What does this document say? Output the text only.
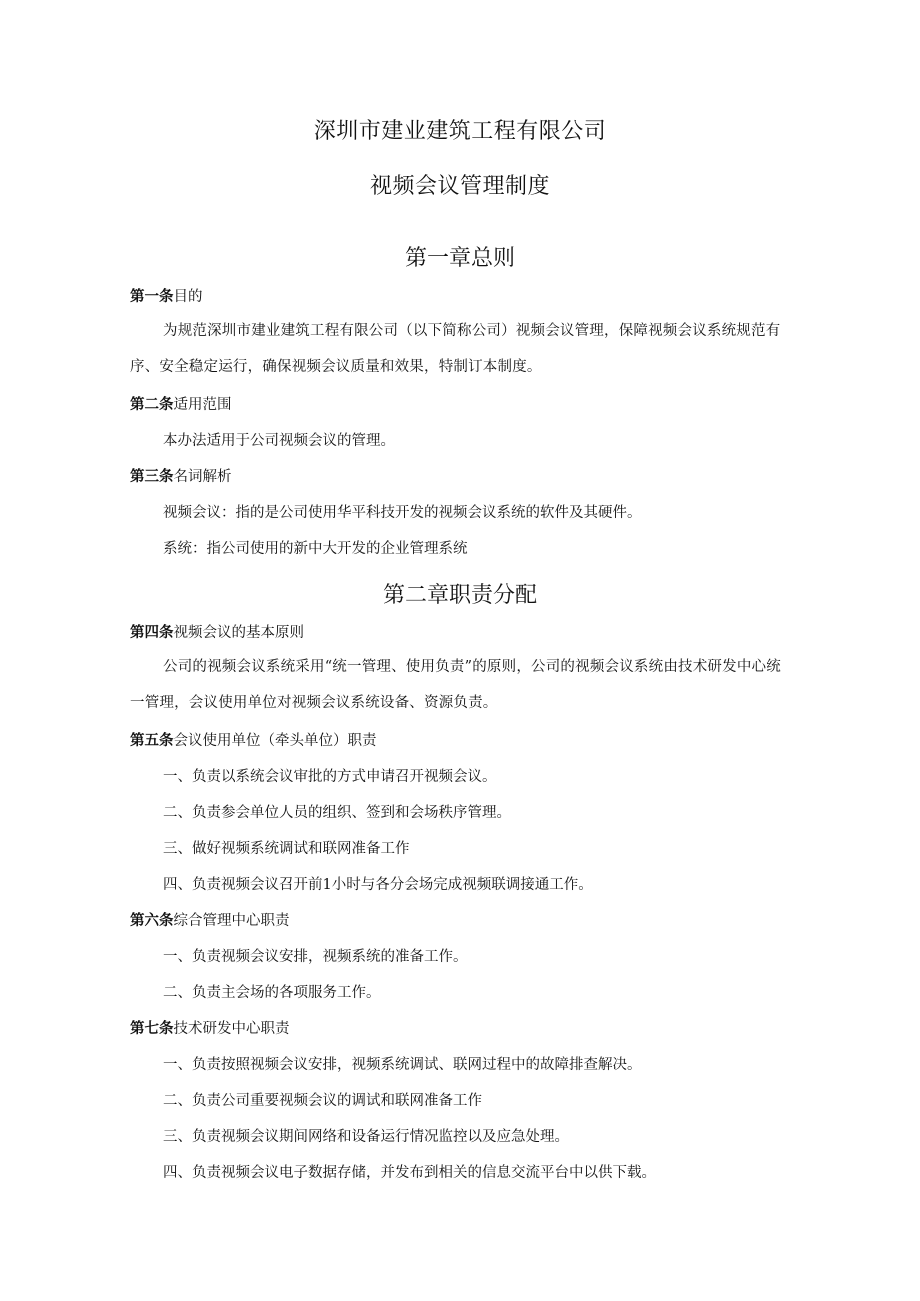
深圳市建业建筑工程有限公司
视频会议管理制度
第一章总则

第一条目的

为规范深圳市建业建筑工程有限公司（以下简称公司）视频会议管理，保障视频会议系统规范有序、安全稳定运行，确保视频会议质量和效果，特制订本制度。

第二条适用范围

本办法适用于公司视频会议的管理。

第三条名词解析

视频会议：指的是公司使用华平科技开发的视频会议系统的软件及其硬件。

系统：指公司使用的新中大开发的企业管理系统

第二章职责分配

第四条视频会议的基本原则

公司的视频会议系统采用“统一管理、使用负责”的原则，公司的视频会议系统由技术研发中心统一管理，会议使用单位对视频会议系统设备、资源负责。

第五条会议使用单位（牵头单位）职责

一、负责以系统会议审批的方式申请召开视频会议。

二、负责参会单位人员的组织、签到和会场秩序管理。

三、做好视频系统调试和联网准备工作

四、负责视频会议召开前1小时与各分会场完成视频联调接通工作。

第六条综合管理中心职责

一、负责视频会议安排，视频系统的准备工作。

二、负责主会场的各项服务工作。

第七条技术研发中心职责

一、负责按照视频会议安排，视频系统调试、联网过程中的故障排查解决。

二、负责公司重要视频会议的调试和联网准备工作

三、负责视频会议期间网络和设备运行情况监控以及应急处理。

四、负责视频会议电子数据存储，并发布到相关的信息交流平台中以供下载。
